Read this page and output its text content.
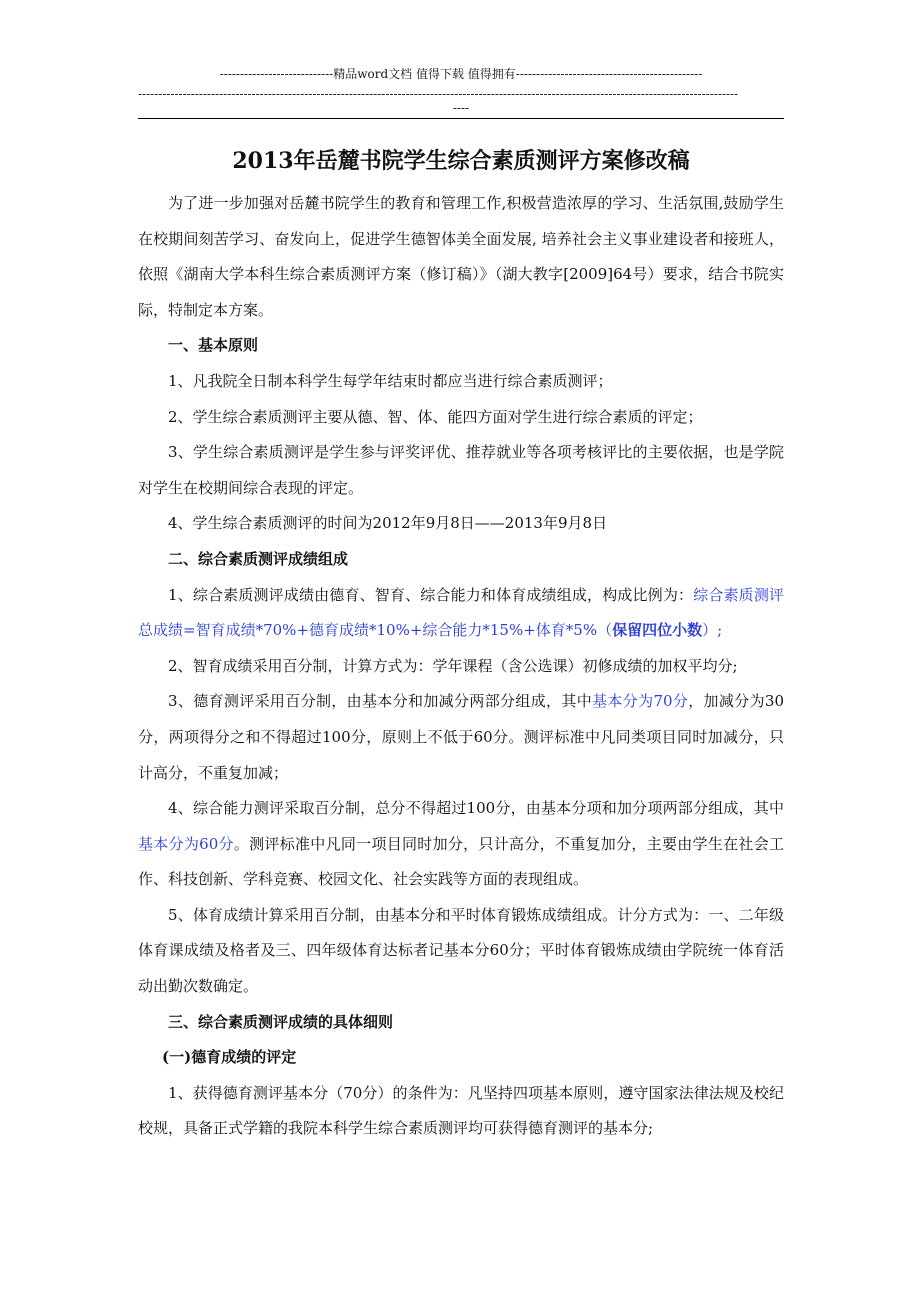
----------------------------精品word文档 值得下载 值得拥有----------------------------------------------
----------------------------------------------------------------------------------------------------------------------------------------------------
----
2013年岳麓书院学生综合素质测评方案修改稿

为了进一步加强对岳麓书院学生的教育和管理工作,积极营造浓厚的学习、生活氛围,鼓励学生在校期间刻苦学习、奋发向上，促进学生德智体美全面发展, 培养社会主义事业建设者和接班人，依照《湖南大学本科生综合素质测评方案（修订稿）》（湖大教字[2009]64号）要求，结合书院实际，特制定本方案。

一、基本原则

1、凡我院全日制本科学生每学年结束时都应当进行综合素质测评；

2、学生综合素质测评主要从德、智、体、能四方面对学生进行综合素质的评定；

3、学生综合素质测评是学生参与评奖评优、推荐就业等各项考核评比的主要依据，也是学院对学生在校期间综合表现的评定。

4、学生综合素质测评的时间为2012年9月8日——2013年9月8日

二、综合素质测评成绩组成

1、综合素质测评成绩由德育、智育、综合能力和体育成绩组成，构成比例为：综合素质测评总成绩=智育成绩*70%+德育成绩*10%+综合能力*15%+体育*5%（保留四位小数）;

2、智育成绩采用百分制，计算方式为：学年课程（含公选课）初修成绩的加权平均分;

3、德育测评采用百分制，由基本分和加减分两部分组成，其中基本分为70分，加减分为30分，两项得分之和不得超过100分，原则上不低于60分。测评标准中凡同类项目同时加减分，只计高分，不重复加减；

4、综合能力测评采取百分制，总分不得超过100分，由基本分项和加分项两部分组成，其中基本分为60分。测评标准中凡同一项目同时加分，只计高分，不重复加分，主要由学生在社会工作、科技创新、学科竞赛、校园文化、社会实践等方面的表现组成。

5、体育成绩计算采用百分制，由基本分和平时体育锻炼成绩组成。计分方式为：一、二年级体育课成绩及格者及三、四年级体育达标者记基本分60分；平时体育锻炼成绩由学院统一体育活动出勤次数确定。

三、综合素质测评成绩的具体细则

(一)德育成绩的评定

1、获得德育测评基本分（70分）的条件为：凡坚持四项基本原则，遵守国家法律法规及校纪校规，具备正式学籍的我院本科学生综合素质测评均可获得德育测评的基本分;
